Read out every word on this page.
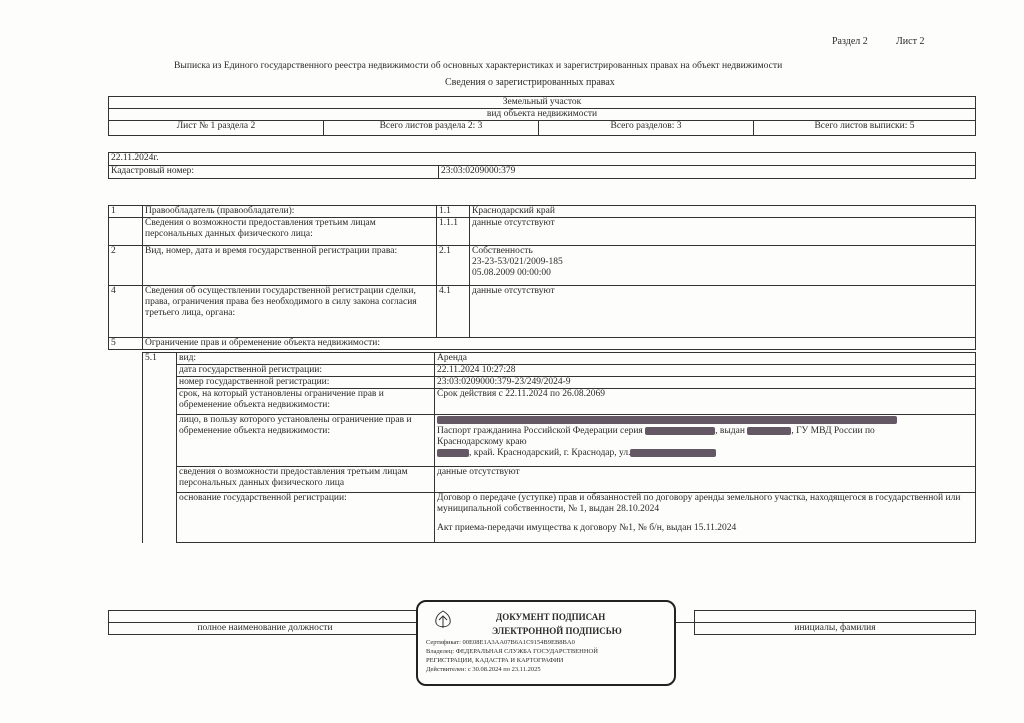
Раздел 2	Лист 2
Выписка из Единого государственного реестра недвижимости об основных характеристиках и зарегистрированных правах на объект недвижимости
Сведения о зарегистрированных правах
Земельный участок
вид объекта недвижимости
Лист № 1 раздела 2	Всего листов раздела 2: 3	Всего разделов: 3	Всего листов выписки: 5
22.11.2024г.
Кадастровый номер:	23:03:0209000:379
1	Правообладатель (правообладатели):	1.1	Краснодарский край
	Сведения о возможности предоставления третьим лицам персональных данных физического лица:	1.1.1	данные отсутствуют
2	Вид, номер, дата и время государственной регистрации права:	2.1	Собственность
23-23-53/021/2009-185
05.08.2009 00:00:00

4	Сведения об осуществлении государственной регистрации сделки, права, ограничения права без необходимого в силу закона согласия третьего лица, органа:	4.1	данные отсутствуют
5	Ограничение прав и обременение объекта недвижимости:		
5.1	вид:	Аренда
	дата государственной регистрации:	22.11.2024 10:27:28
	номер государственной регистрации:	23:03:0209000:379-23/249/2024-9
	срок, на который установлены ограничение прав и обременение объекта недвижимости:	Срок действия с 22.11.2024 по 26.08.2069
	лицо, в пользу которого установлены ограничение прав и обременение объекта недвижимости:	Паспорт гражданина Российской Федерации серия , выдан , ГУ МВД России по
Краснодарскому краю
, край. Краснодарский, г. Краснодар, ул.

	сведения о возможности предоставления третьим лицам персональных данных физического лица	данные отсутствуют
	основание государственной регистрации:	Договор о передаче (уступке) прав и обязанностей по договору аренды земельного участка, находящегося в государственной или муниципальной собственности, № 1, выдан 28.10.2024
Акт приема-передачи имущества к договору №1, № б/н, выдан 15.11.2024

полное наименование должности		инициалы, фамилия
ДОКУМЕНТ ПОДПИСАН
ЭЛЕКТРОННОЙ ПОДПИСЬЮ
Сертификат: 00E08E1A3AA07B6A1C9154B9EB8BA0
Владелец: ФЕДЕРАЛЬНАЯ СЛУЖБА ГОСУДАРСТВЕННОЙ
РЕГИСТРАЦИИ, КАДАСТРА И КАРТОГРАФИИ
Действителен: с 30.08.2024 по 23.11.2025
